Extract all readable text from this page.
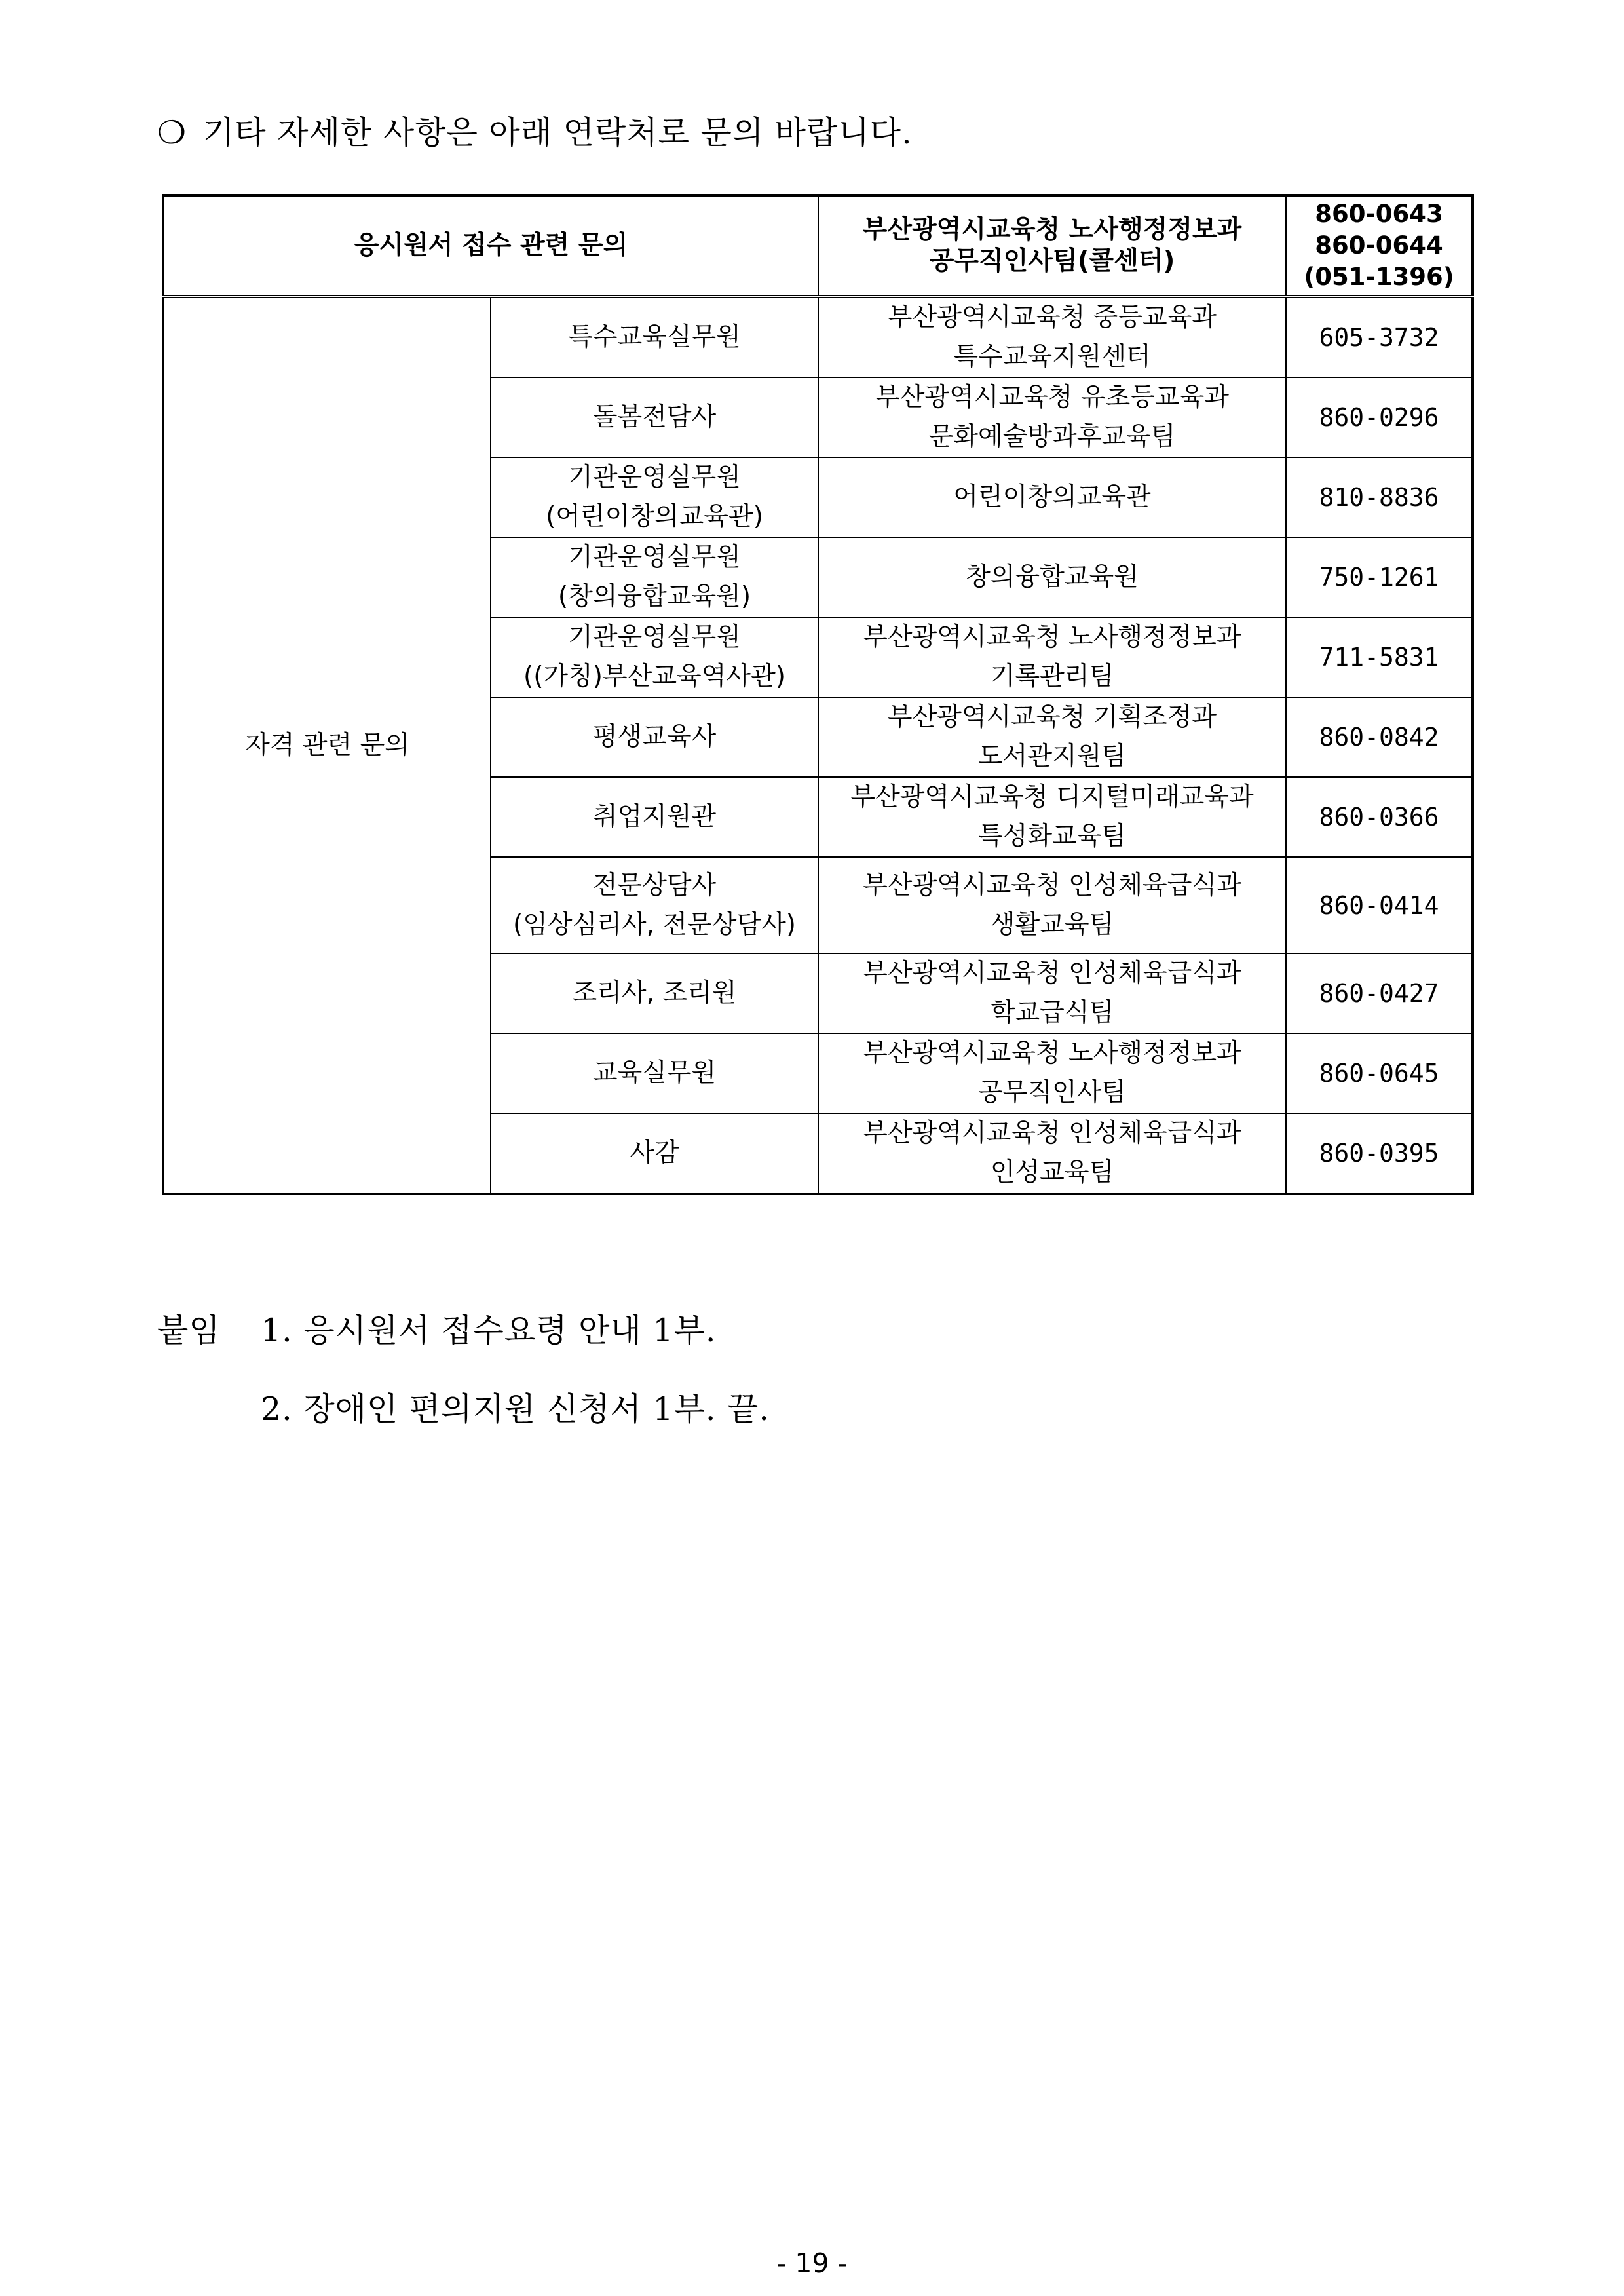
❍ 기타 자세한 사항은 아래 연락처로 문의 바랍니다.
응시원서 접수 관련 문의		부산광역시교육청 노사행정정보과
공무직인사팀(콜센터)	860-0643
860-0644
(051-1396)

자격 관련 문의	특수교육실무원	부산광역시교육청 중등교육과
특수교육지원센터	605-3732

	돌봄전담사	부산광역시교육청 유초등교육과
문화예술방과후교육팀	860-0296

	기관운영실무원
(어린이창의교육관)	어린이창의교육관	810-8836

	기관운영실무원
(창의융합교육원)	창의융합교육원	750-1261

	기관운영실무원
((가칭)부산교육역사관)	부산광역시교육청 노사행정정보과
기록관리팀	711-5831

	평생교육사	부산광역시교육청 기획조정과
도서관지원팀	860-0842

	취업지원관	부산광역시교육청 디지털미래교육과
특성화교육팀	860-0366

	전문상담사
(임상심리사, 전문상담사)	부산광역시교육청 인성체육급식과
생활교육팀	860-0414

	조리사, 조리원	부산광역시교육청 인성체육급식과
학교급식팀	860-0427

	교육실무원	부산광역시교육청 노사행정정보과
공무직인사팀	860-0645

	사감	부산광역시교육청 인성체육급식과
인성교육팀	860-0395
붙임 1. 응시원서 접수요령 안내 1부.
2. 장애인 편의지원 신청서 1부. 끝.
- 19 -
